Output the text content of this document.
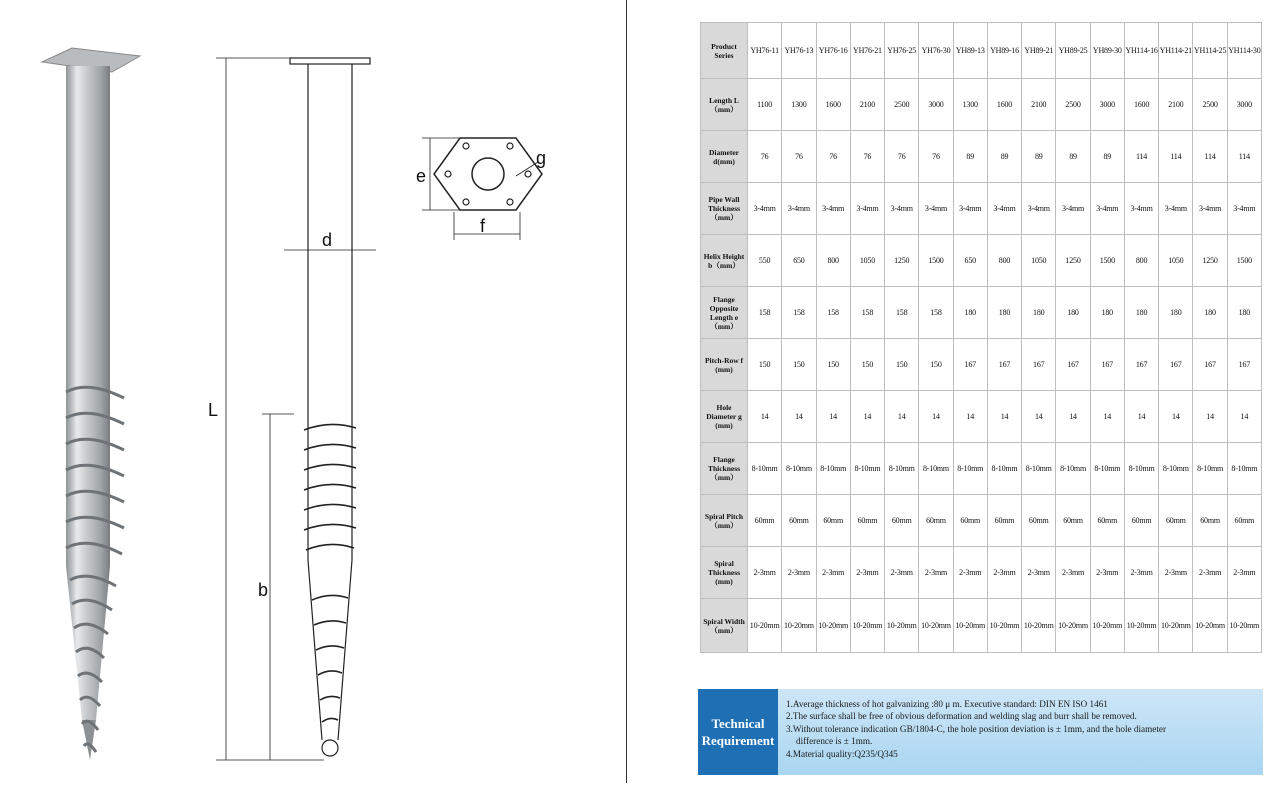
L
d
b
e
f
g
Product Series	YH76-11	YH76-13	YH76-16	YH76-21	YH76-25	YH76-30	YH89-13	YH89-16	YH89-21	YH89-25	YH89-30	YH114-16	YH114-21	YH114-25	YH114-30
Length L（mm）	1100	1300	1600	2100	2500	3000	1300	1600	2100	2500	3000	1600	2100	2500	3000
Diameter d(mm)	76	76	76	76	76	76	89	89	89	89	89	114	114	114	114
Pipe Wall Thickness（mm）	3-4mm	3-4mm	3-4mm	3-4mm	3-4mm	3-4mm	3-4mm	3-4mm	3-4mm	3-4mm	3-4mm	3-4mm	3-4mm	3-4mm	3-4mm
Helix Height b（mm）	550	650	800	1050	1250	1500	650	800	1050	1250	1500	800	1050	1250	1500
Flange Opposite Length e（mm）	158	158	158	158	158	158	180	180	180	180	180	180	180	180	180
Pitch-Row f (mm)	150	150	150	150	150	150	167	167	167	167	167	167	167	167	167
Hole Diameter g (mm)	14	14	14	14	14	14	14	14	14	14	14	14	14	14	14
Flange Thickness（mm）	8-10mm	8-10mm	8-10mm	8-10mm	8-10mm	8-10mm	8-10mm	8-10mm	8-10mm	8-10mm	8-10mm	8-10mm	8-10mm	8-10mm	8-10mm
Spiral Pitch（mm）	60mm	60mm	60mm	60mm	60mm	60mm	60mm	60mm	60mm	60mm	60mm	60mm	60mm	60mm	60mm
Spiral Thickness (mm)	2-3mm	2-3mm	2-3mm	2-3mm	2-3mm	2-3mm	2-3mm	2-3mm	2-3mm	2-3mm	2-3mm	2-3mm	2-3mm	2-3mm	2-3mm
Spiral Width（mm）	10-20mm	10-20mm	10-20mm	10-20mm	10-20mm	10-20mm	10-20mm	10-20mm	10-20mm	10-20mm	10-20mm	10-20mm	10-20mm	10-20mm	10-20mm
Technical
Requirement

1.Average thickness of hot galvanizing :80 μ m. Executive standard: DIN EN ISO 1461

2.The surface shall be free of obvious deformation and welding slag and burr shall be removed.

3.Without tolerance indication GB/1804-C, the hole position deviation is ± 1mm, and the hole diameter

difference is ± 1mm.

4.Material quality:Q235/Q345
